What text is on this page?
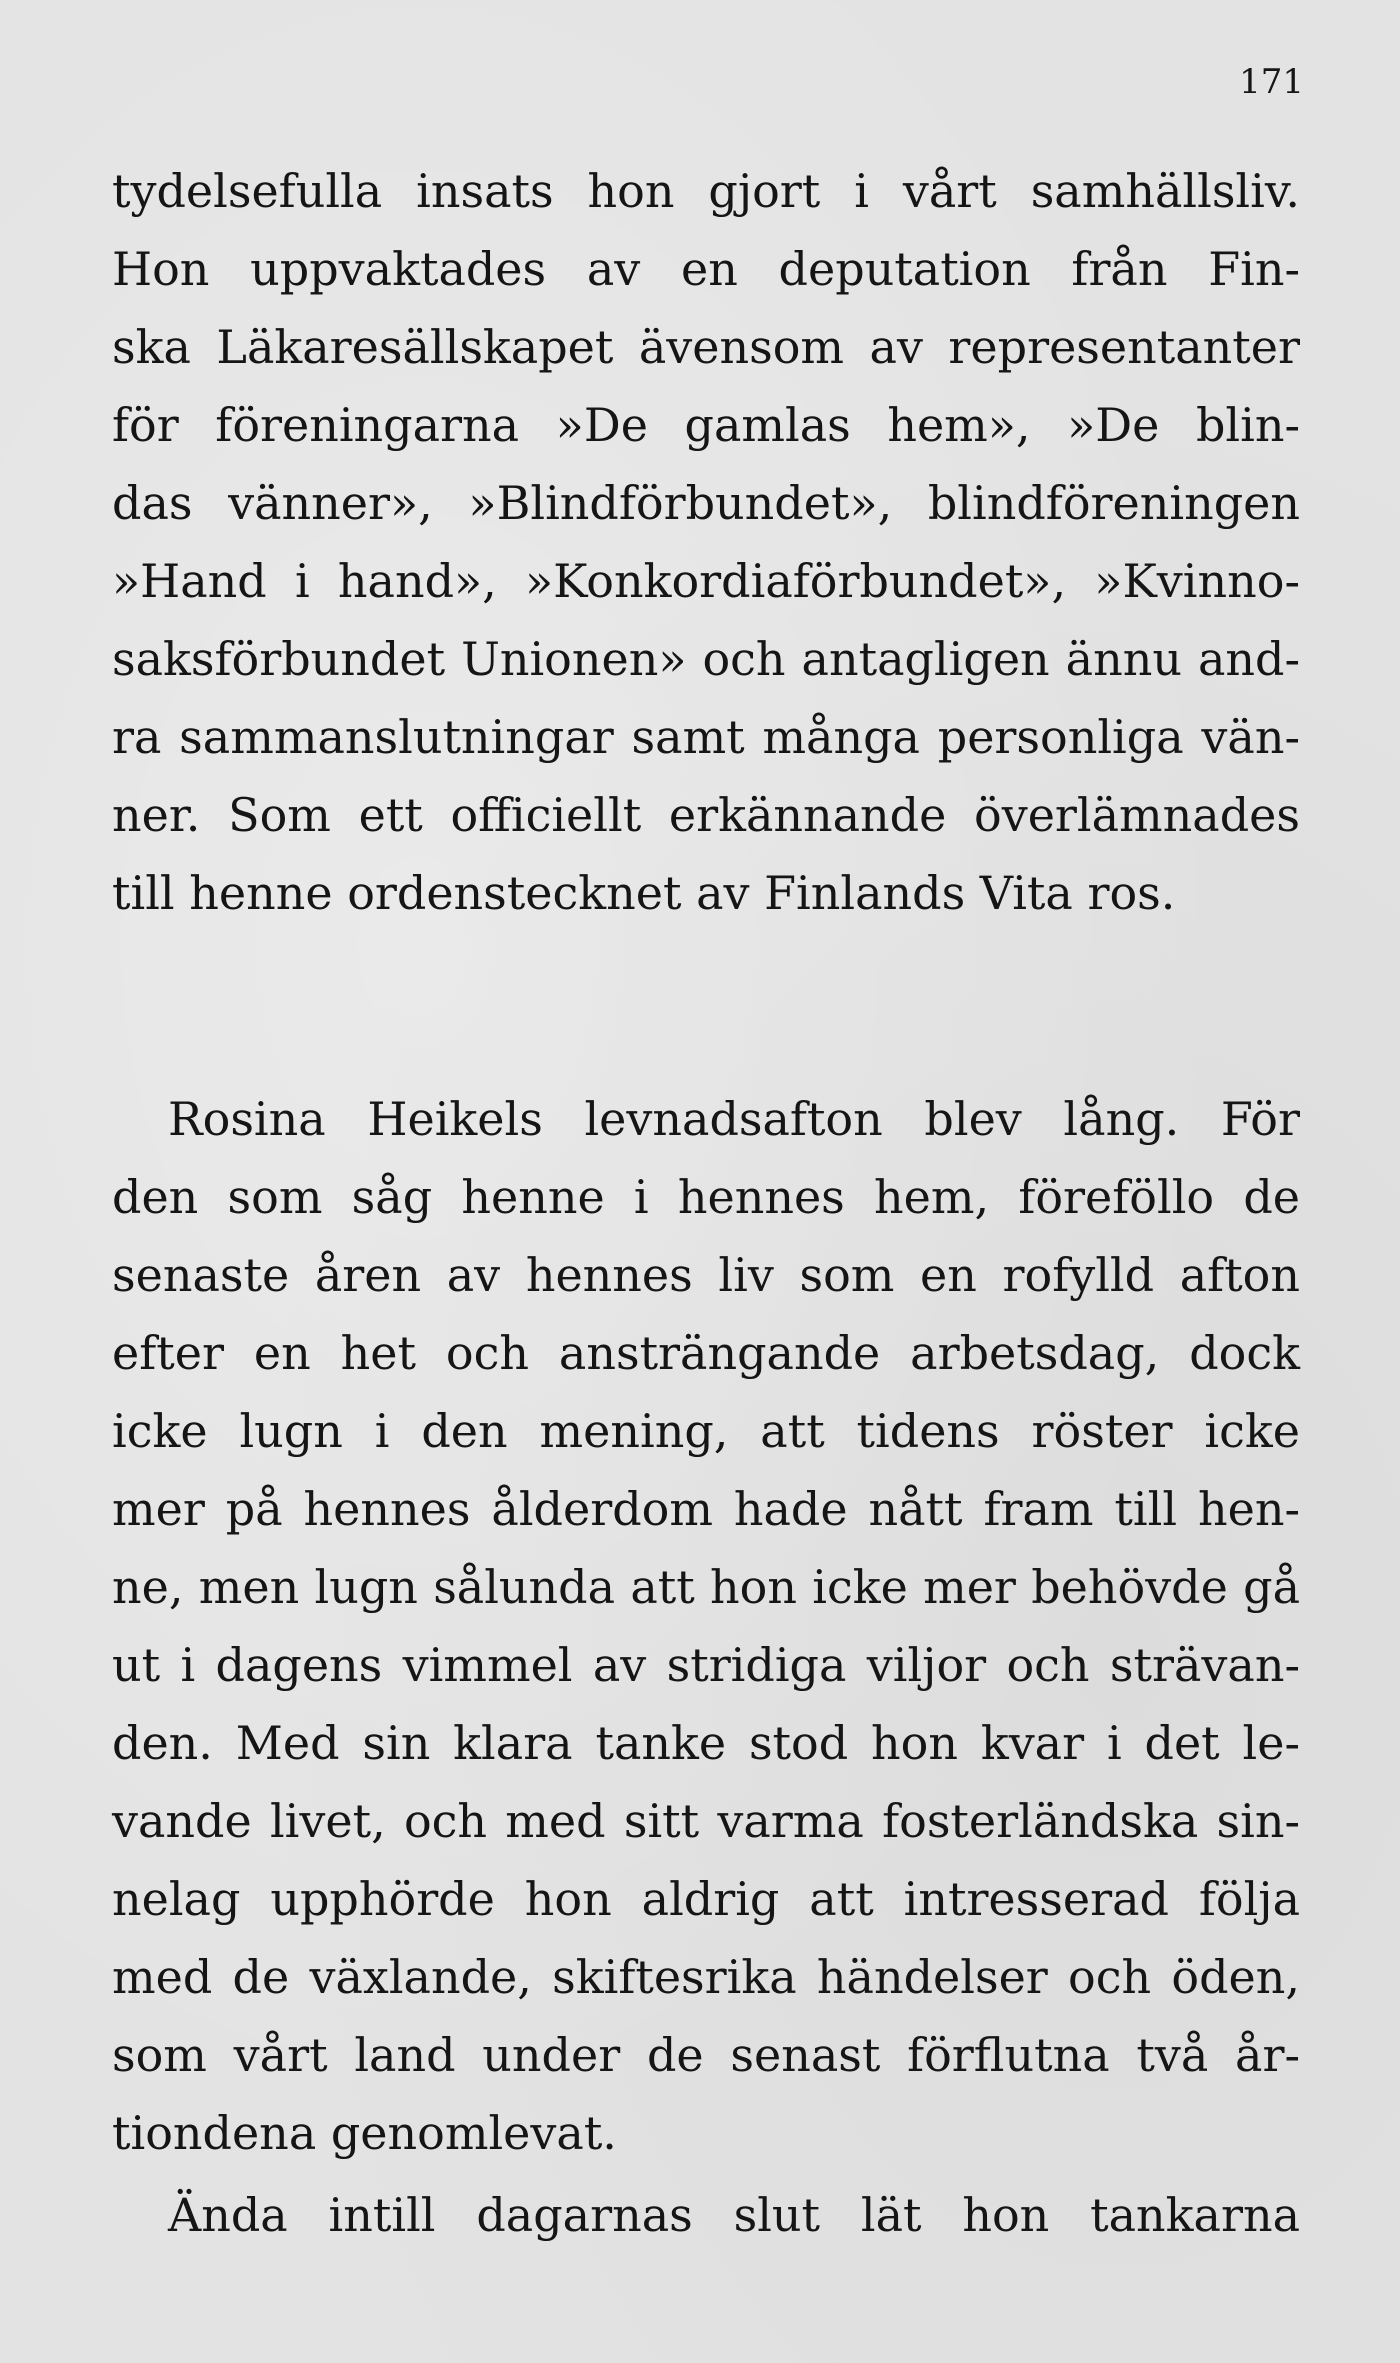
171

tydelsefulla insats hon gjort i vårt samhällsliv.
Hon uppvaktades av en deputation från Fin-
ska Läkaresällskapet ävensom av representanter
för föreningarna »De gamlas hem», »De blin-
das vänner», »Blindförbundet», blindföreningen
»Hand i hand», »Konkordiaförbundet», »Kvinno-
saksförbundet Unionen» och antagligen ännu and-
ra sammanslutningar samt många personliga vän-
ner. Som ett officiellt erkännande överlämnades
till henne ordenstecknet av Finlands Vita ros.

Rosina Heikels levnadsafton blev lång. För
den som såg henne i hennes hem, föreföllo de
senaste åren av hennes liv som en rofylld afton
efter en het och ansträngande arbetsdag, dock
icke lugn i den mening, att tidens röster icke
mer på hennes ålderdom hade nått fram till hen-
ne, men lugn sålunda att hon icke mer behövde gå
ut i dagens vimmel av stridiga viljor och strävan-
den. Med sin klara tanke stod hon kvar i det le-
vande livet, och med sitt varma fosterländska sin-
nelag upphörde hon aldrig att intresserad följa
med de växlande, skiftesrika händelser och öden,
som vårt land under de senast förflutna två år-
tiondena genomlevat.

Ända intill dagarnas slut lät hon tankarna
